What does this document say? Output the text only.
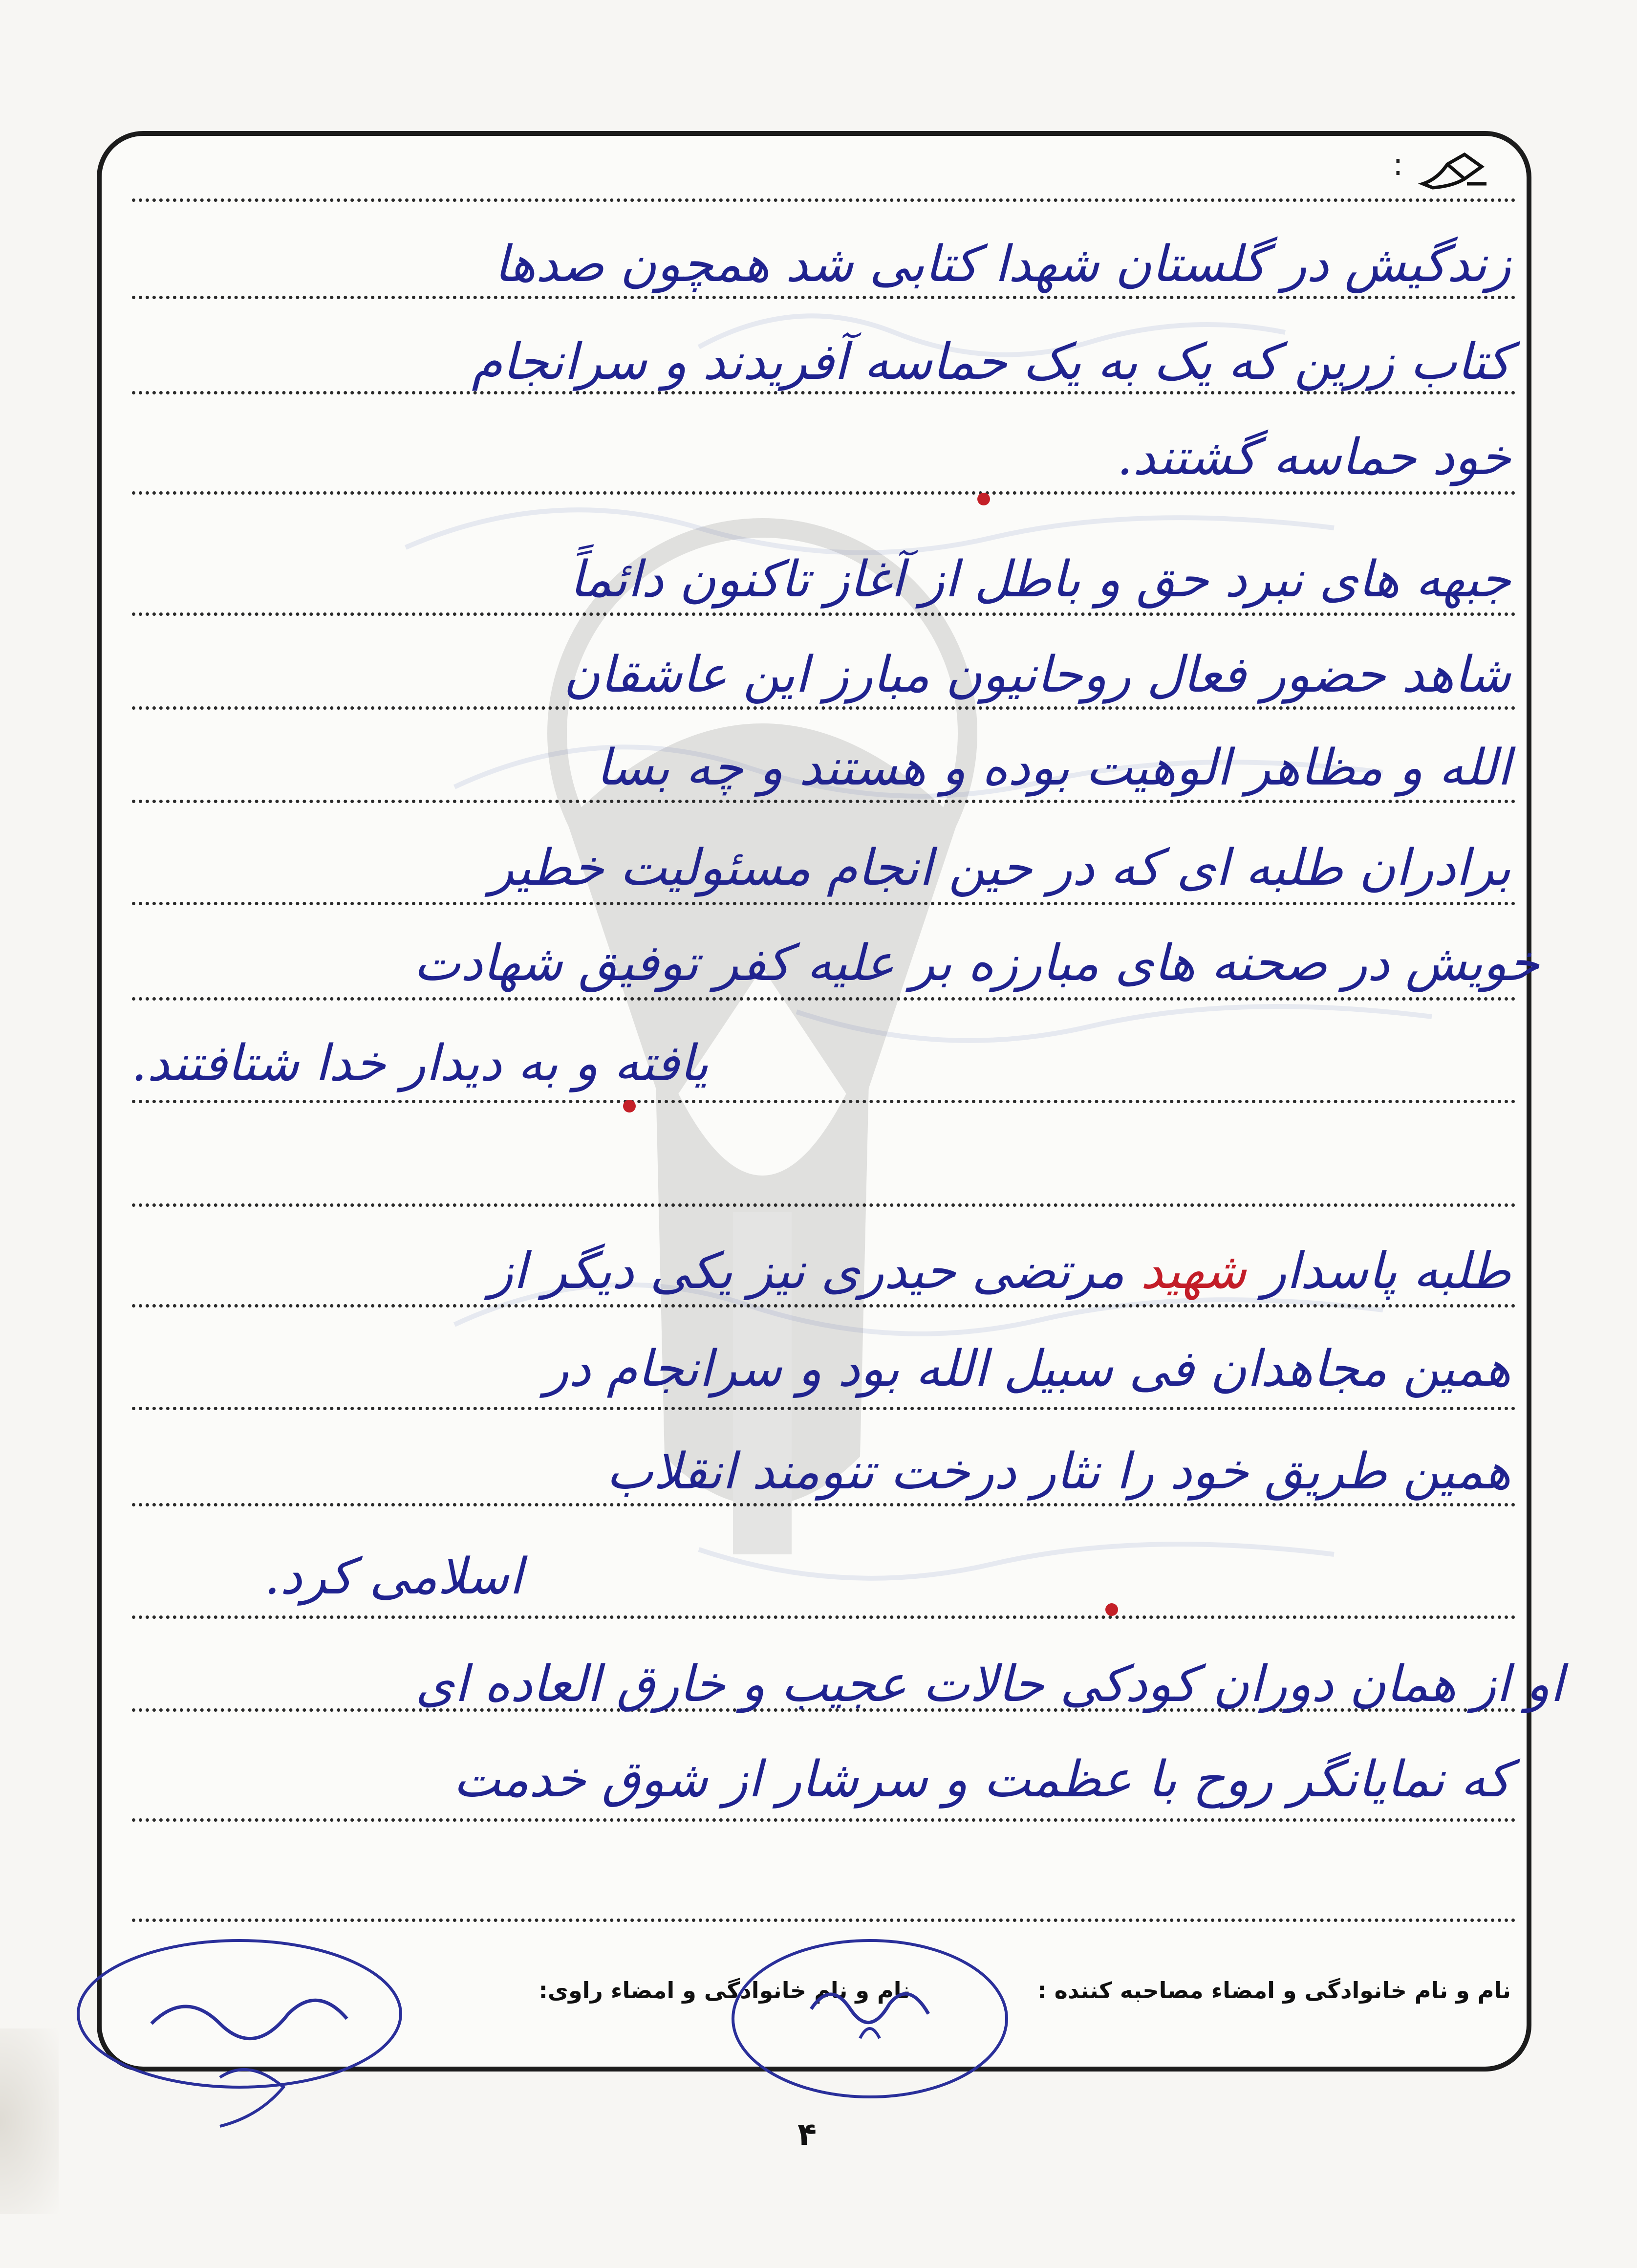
:
زندگیش در گلستان شهدا کتابی شد همچون صدها
کتاب زرین که یک به یک حماسه آفریدند و سرانجام
خود حماسه گشتند.
جبهه های نبرد حق و باطل از آغاز تاکنون دائماً
شاهد حضور فعال روحانیون مبارز این عاشقان
الله و مظاهر الوهیت بوده و هستند و چه بسا
برادران طلبه ای که در حین انجام مسئولیت خطیر
خویش در صحنه های مبارزه بر علیه کفر توفیق شهادت
یافته و به دیدار خدا شتافتند.
طلبه پاسدار شهید مرتضی حیدری نیز یکی دیگر از
همین مجاهدان فی سبیل الله بود و سرانجام در
همین طریق خود را نثار درخت تنومند انقلاب
اسلامی کرد.
او از همان دوران کودکی حالات عجیب و خارق العاده ای
که نمایانگر روح با عظمت و سرشار از شوق خدمت
نام و نام خانوادگی و امضاء مصاحبه کننده :نام و نام خانوادگی و امضاء راوی:
۴
